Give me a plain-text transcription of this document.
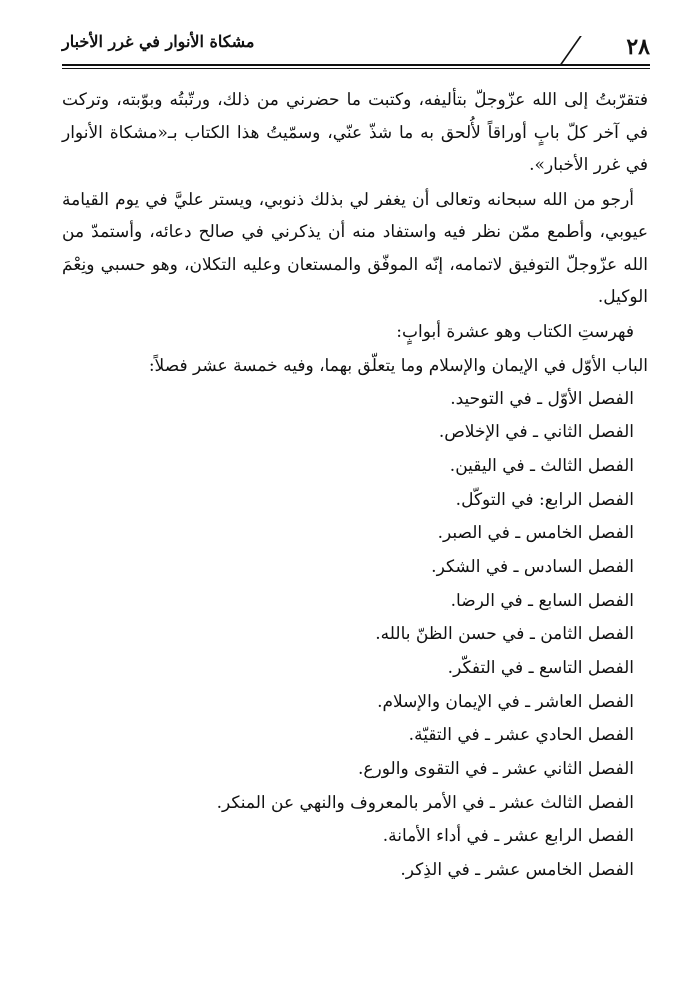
٢٨
مشكاة الأنوار في غرر الأخبار

فتقرّبتُ إلى الله عزّوجلّ بتأليفه، وكتبت ما حضرني من ذلك، ورتّبتُه وبوّبته، وتركت في آخر كلّ بابٍ أوراقاً لأُلحق به ما شذّ عنّي، وسمّيتُ هذا الكتاب بـ«مشكاة الأنوار في غرر الأخبار».

أرجو من الله سبحانه وتعالى أن يغفر لي بذلك ذنوبي، ويستر عليَّ في يوم القيامة عيوبي، وأطمع ممّن نظر فيه واستفاد منه أن يذكرني في صالح دعائه، وأستمدّ من الله عزّوجلّ التوفيق لاتمامه، إنّه الموفّق والمستعان وعليه التكلان، وهو حسبي ونِعْمَ الوكيل.

فهرستِ الكتاب وهو عشرة أبوابٍ:

الباب الأوّل في الإيمان والإسلام وما يتعلّق بهما، وفيه خمسة عشر فصلاً:

الفصل الأوّل ـ في التوحيد.
الفصل الثاني ـ في الإخلاص.
الفصل الثالث ـ في اليقين.
الفصل الرابع: في التوكّل.
الفصل الخامس ـ في الصبر.
الفصل السادس ـ في الشكر.
الفصل السابع ـ في الرضا.
الفصل الثامن ـ في حسن الظنّ بالله.
الفصل التاسع ـ في التفكّر.
الفصل العاشر ـ في الإيمان والإسلام.
الفصل الحادي عشر ـ في التقيّة.
الفصل الثاني عشر ـ في التقوى والورع.
الفصل الثالث عشر ـ في الأمر بالمعروف والنهي عن المنكر.
الفصل الرابع عشر ـ في أداء الأمانة.
الفصل الخامس عشر ـ في الذِكر.
